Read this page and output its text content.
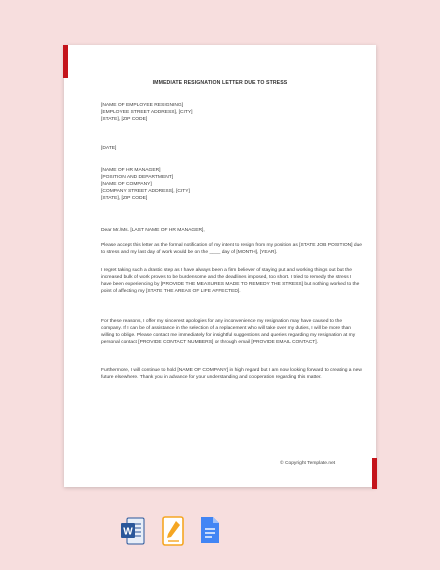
IMMEDIATE RESIGNATION LETTER DUE TO STRESS
[NAME OF EMPLOYEE RESIGNING]
[EMPLOYEE STREET ADDRESS], [CITY]
[STATE], [ZIP CODE]
[DATE]
[NAME OF HR MANAGER]
[POSITION AND DEPARTMENT]
[NAME OF COMPANY]
[COMPANY STREET ADDRESS], [CITY]
[STATE], [ZIP CODE]
Dear Mr./Ms. [LAST NAME OF HR MANAGER],
Please accept this letter as the formal notification of my intent to resign from my position as [STATE JOB POSITION] due to stress and my last day of work would be on the ____ day of [MONTH], [YEAR].
I regret taking such a drastic step as I have always been a firm believer of staying put and working things out but the increased bulk of work proves to be burdensome and the deadlines imposed, too short. I tried to remedy the stress I have been experiencing by [PROVIDE THE MEASURES MADE TO REMEDY THE STRESS] but nothing worked to the point of affecting my [STATE THE AREAS OF LIFE AFFECTED].
For these reasons, I offer my sincerest apologies for any inconvenience my resignation may have caused to the company. If I can be of assistance in the selection of a replacement who will take over my duties, I will be more than willing to oblige. Please contact me immediately for insightful suggestions and queries regarding my resignation at my personal contact [PROVIDE CONTACT NUMBERS] or through email [PROVIDE EMAIL CONTACT].
Furthermore, I will continue to hold [NAME OF COMPANY] in high regard but I am now looking forward to creating a new future elsewhere. Thank you in advance for your understanding and cooperation regarding this matter.
© Copyright Template.net
W
